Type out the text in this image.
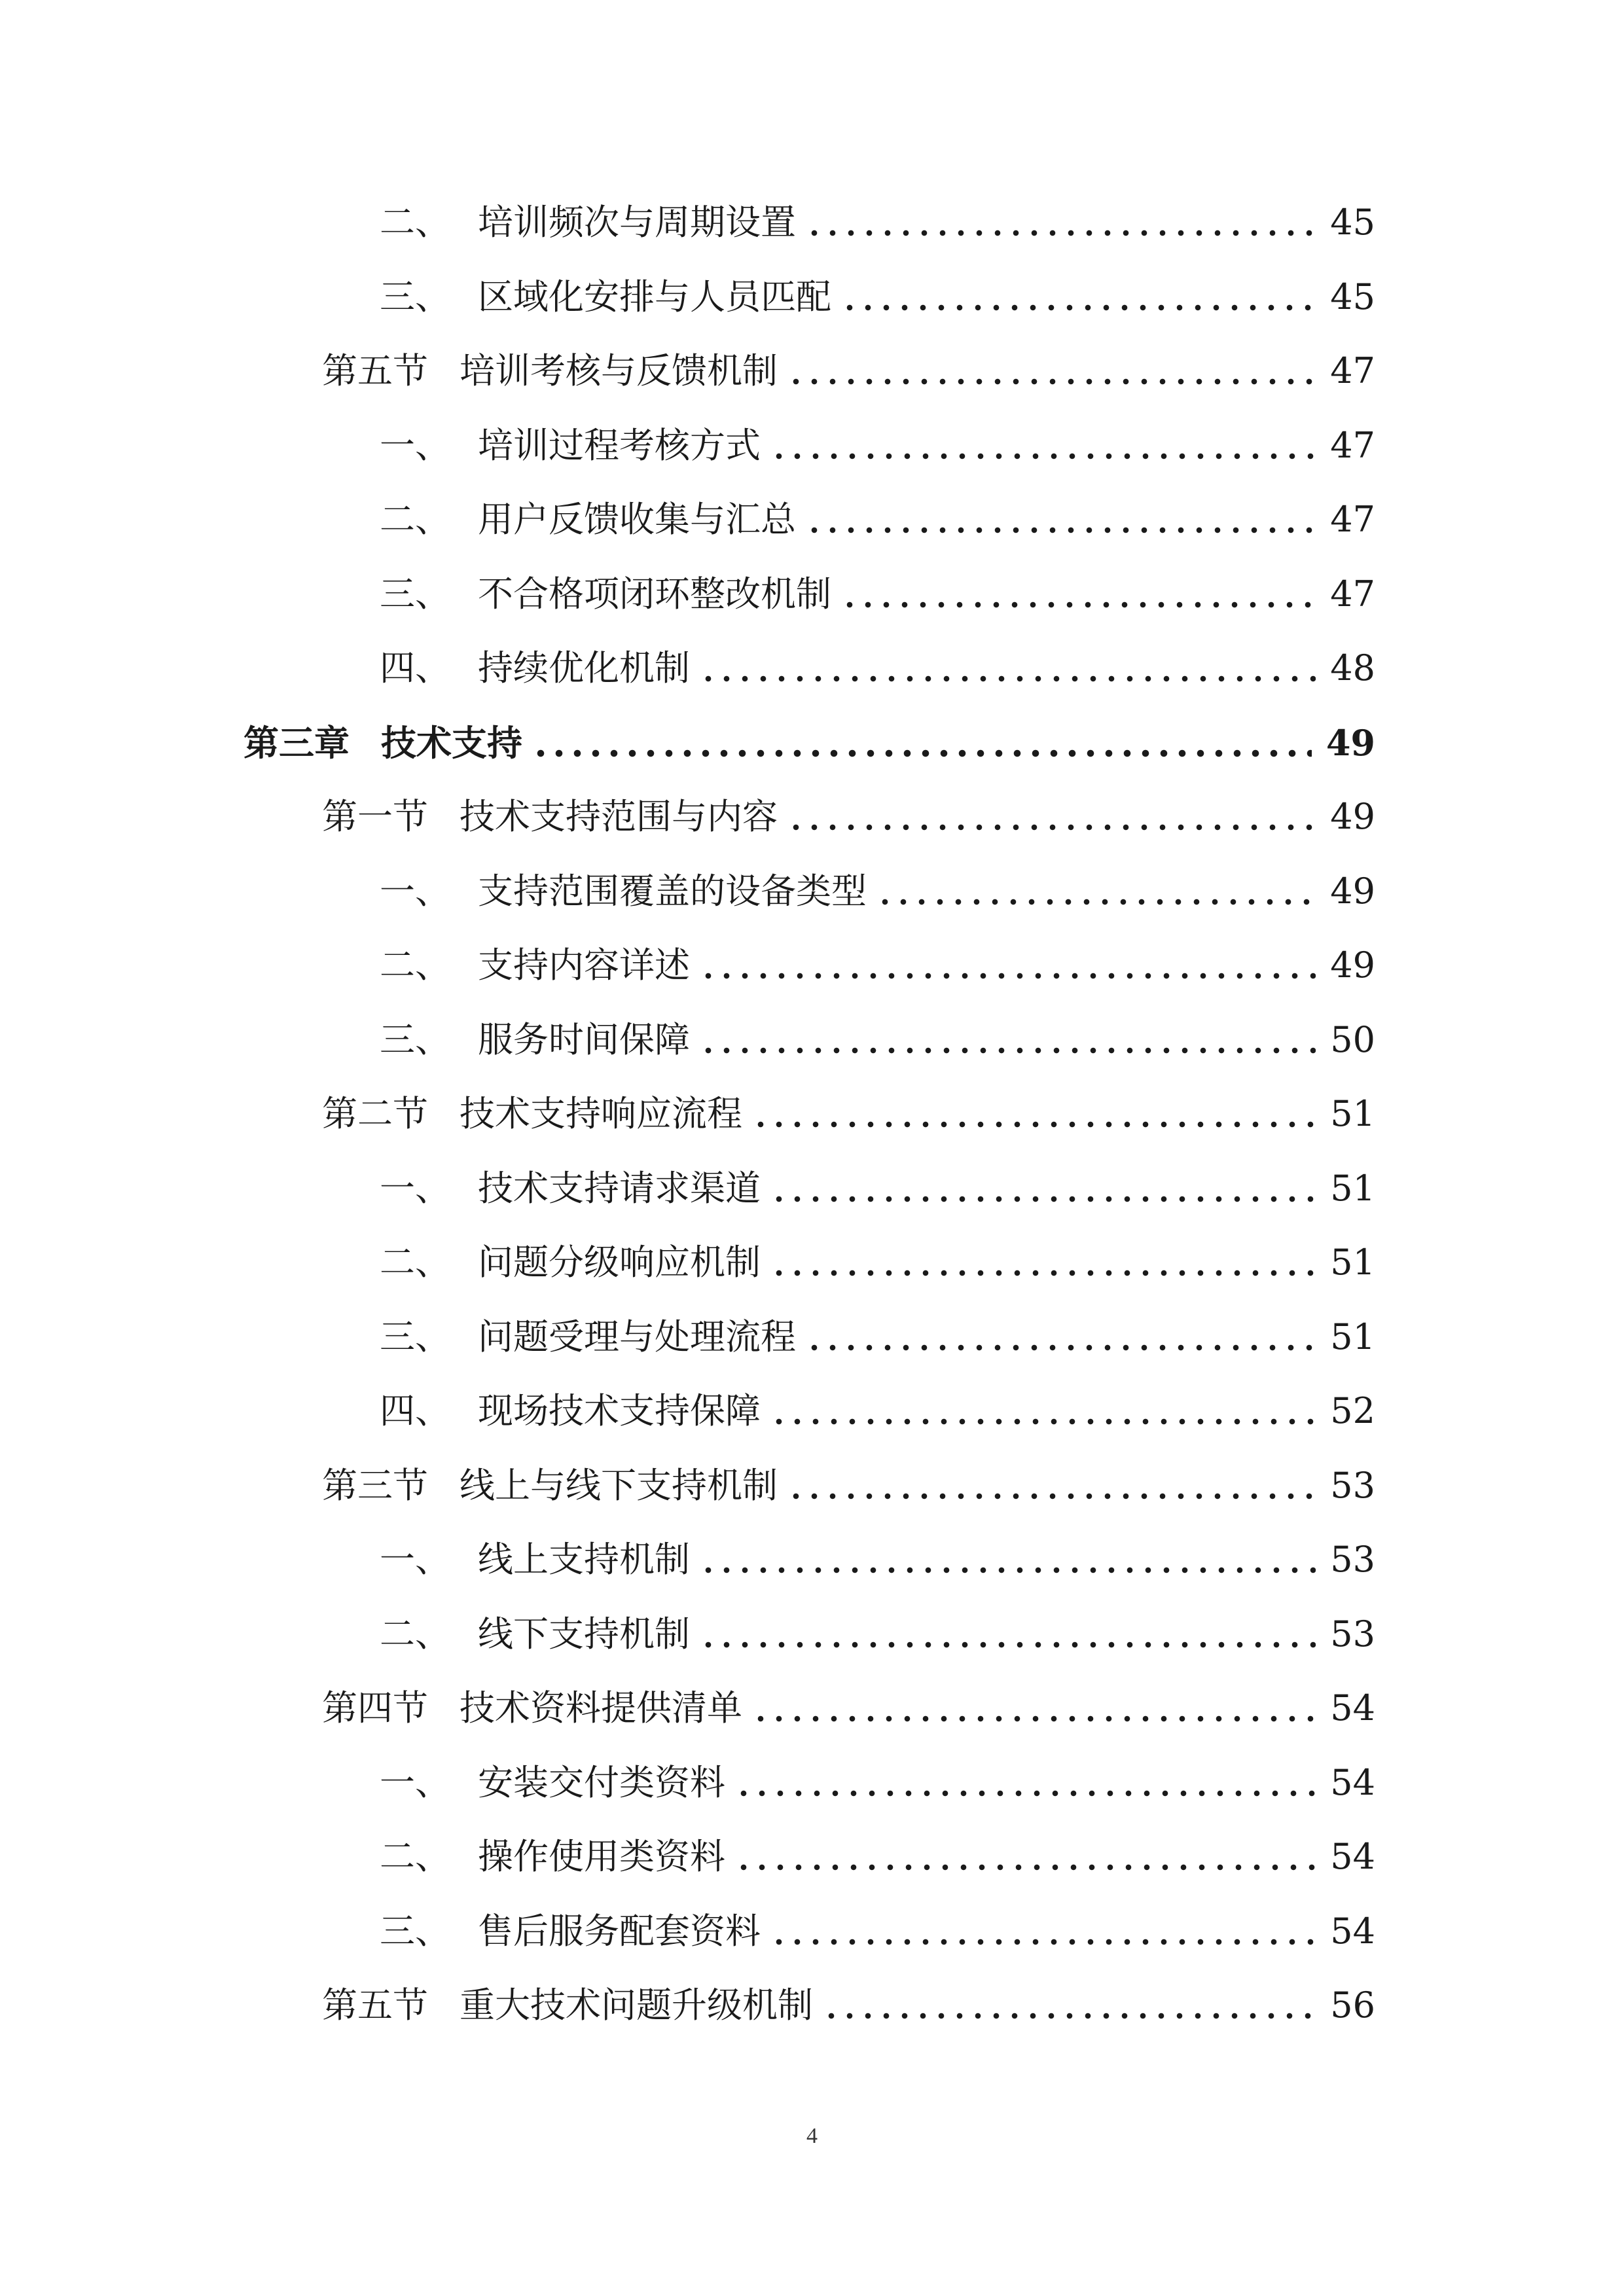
二、 培训频次与周期设置	45
三、 区域化安排与人员匹配	45
第五节 培训考核与反馈机制	47
一、 培训过程考核方式	47
二、 用户反馈收集与汇总	47
三、 不合格项闭环整改机制	47
四、 持续优化机制	48
第三章 技术支持	49
第一节 技术支持范围与内容	49
一、 支持范围覆盖的设备类型	49
二、 支持内容详述	49
三、 服务时间保障	50
第二节 技术支持响应流程	51
一、 技术支持请求渠道	51
二、 问题分级响应机制	51
三、 问题受理与处理流程	51
四、 现场技术支持保障	52
第三节 线上与线下支持机制	53
一、 线上支持机制	53
二、 线下支持机制	53
第四节 技术资料提供清单	54
一、 安装交付类资料	54
二、 操作使用类资料	54
三、 售后服务配套资料	54
第五节 重大技术问题升级机制	56
4
